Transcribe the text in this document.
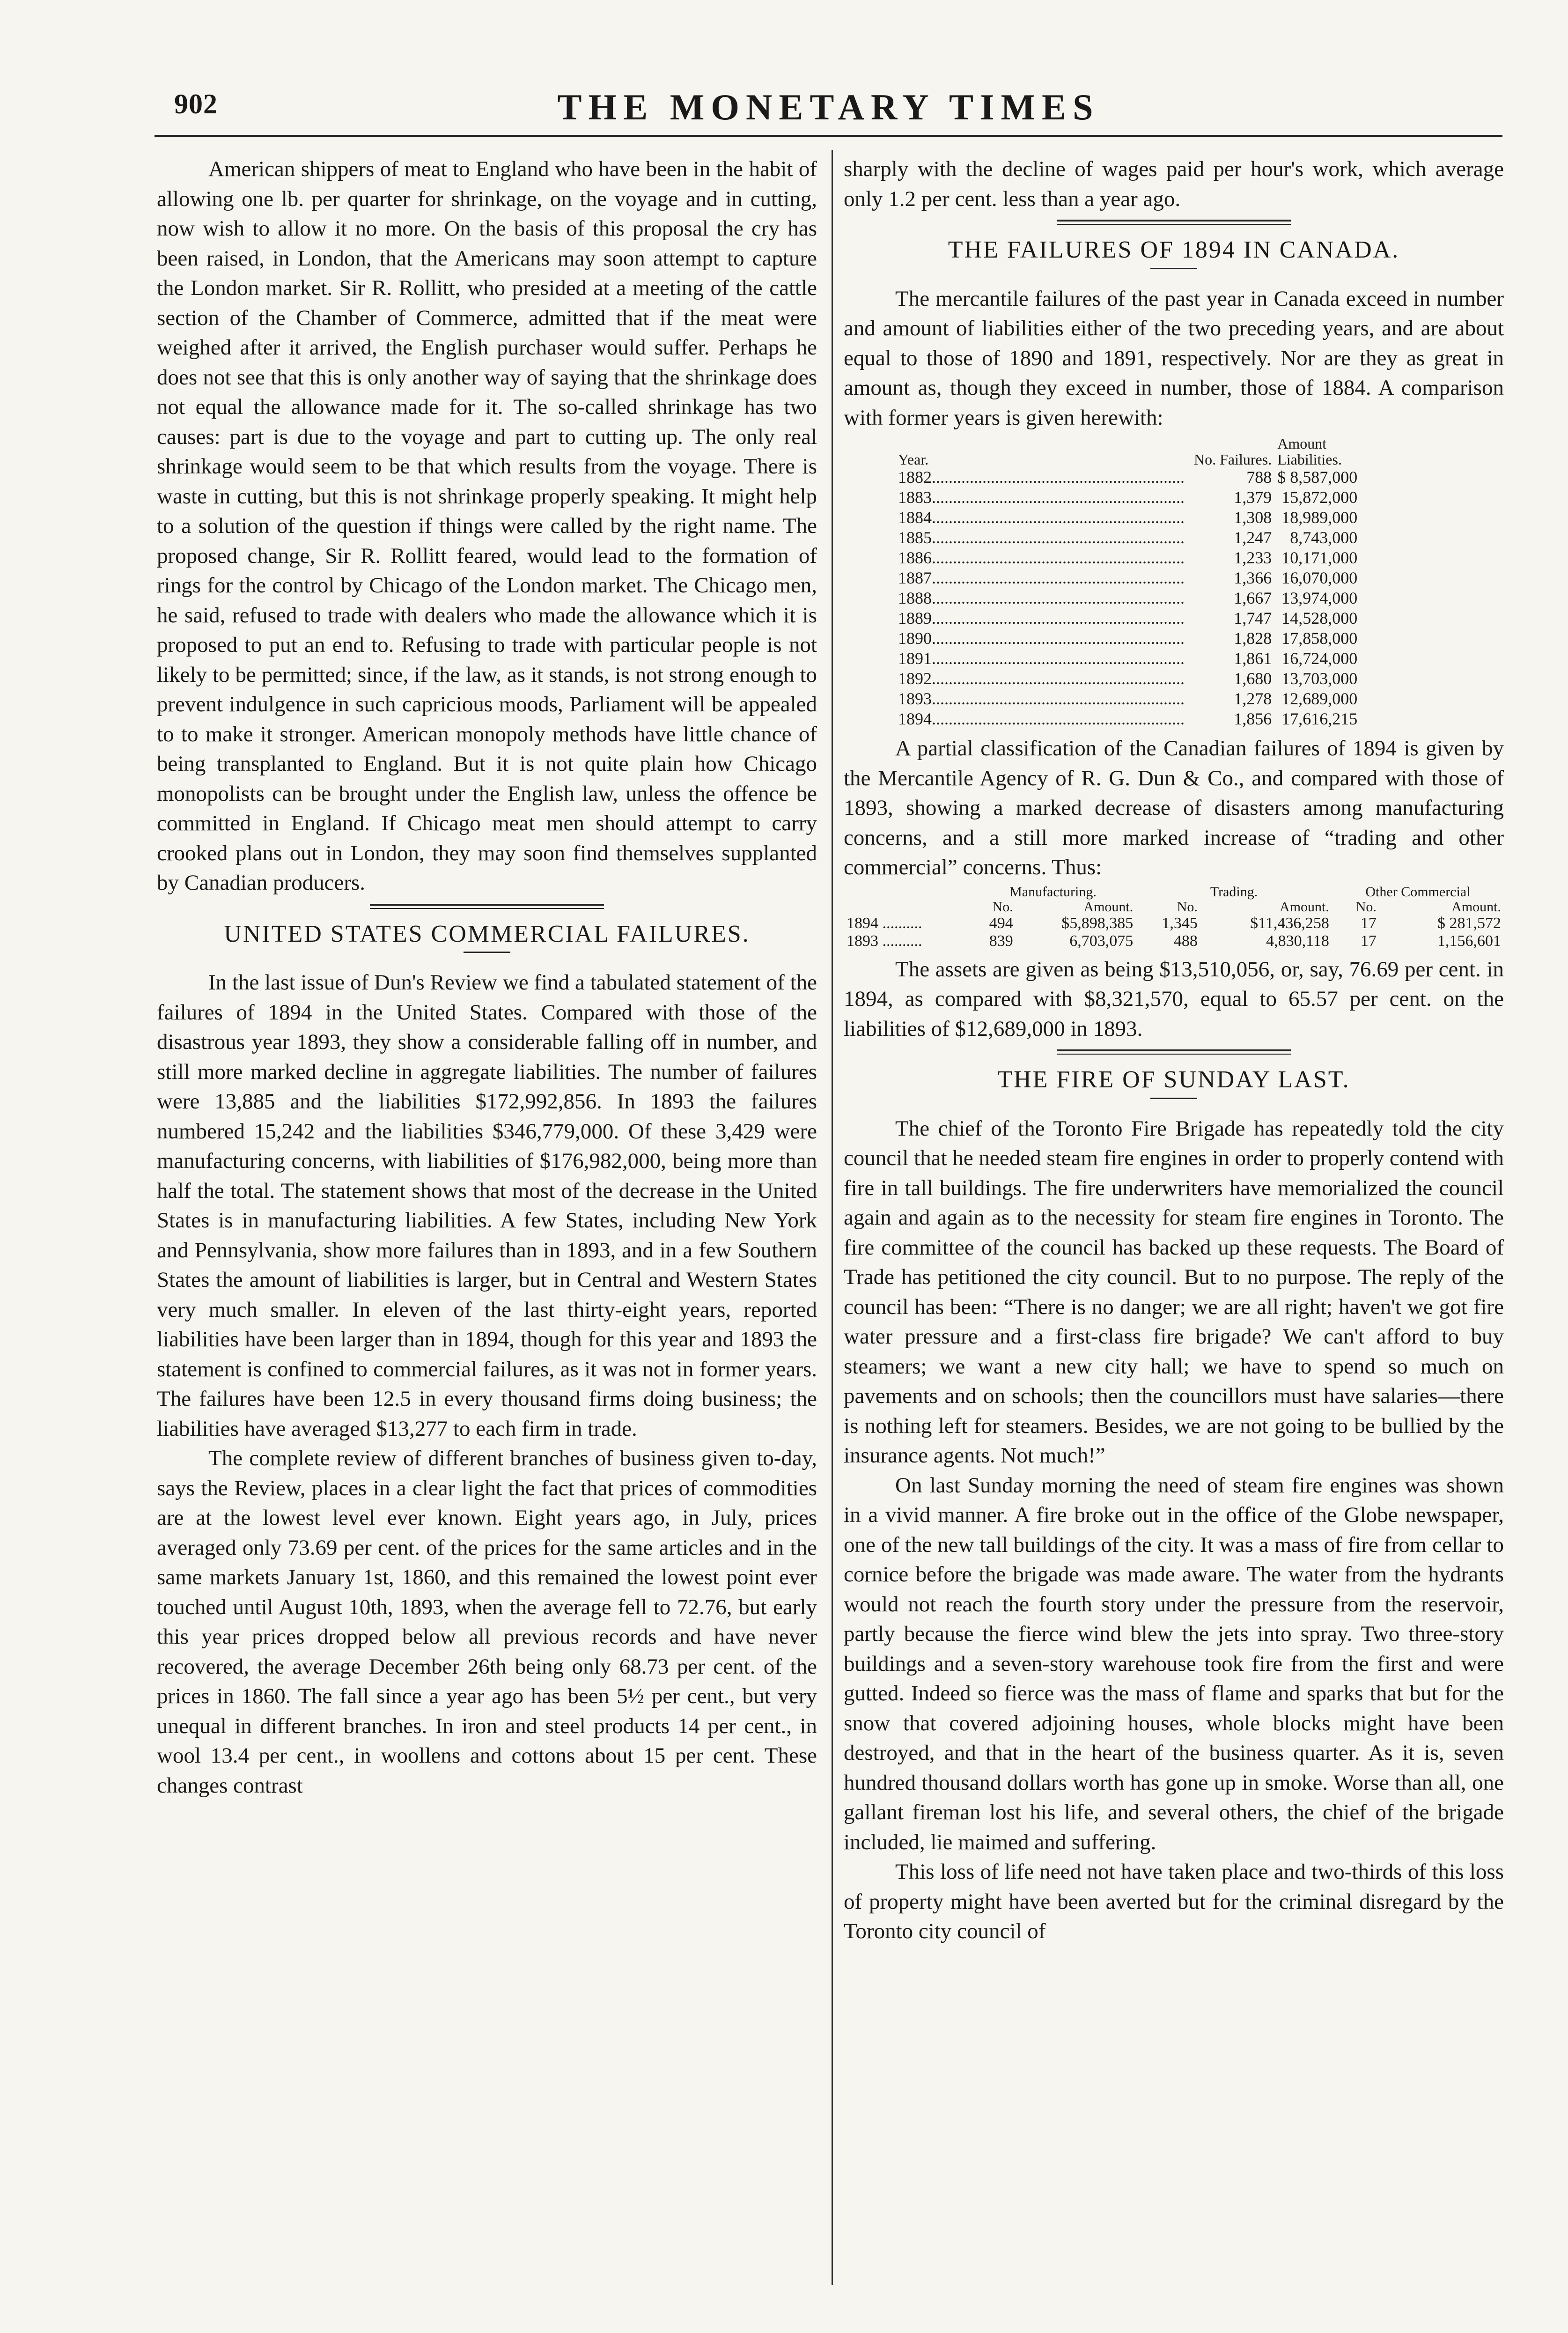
902	THE MONETARY TIMES

American shippers of meat to England who have been in the habit of allowing one lb. per quarter for shrinkage, on the voyage and in cutting, now wish to allow it no more. On the basis of this proposal the cry has been raised, in London, that the Americans may soon attempt to capture the London market. Sir R. Rollitt, who presided at a meeting of the cattle section of the Chamber of Commerce, admitted that if the meat were weighed after it arrived, the English purchaser would suffer. Perhaps he does not see that this is only another way of saying that the shrinkage does not equal the allowance made for it. The so-called shrinkage has two causes: part is due to the voyage and part to cutting up. The only real shrinkage would seem to be that which results from the voyage. There is waste in cutting, but this is not shrinkage properly speaking. It might help to a solution of the question if things were called by the right name. The proposed change, Sir R. Rollitt feared, would lead to the formation of rings for the control by Chicago of the London market. The Chicago men, he said, refused to trade with dealers who made the allowance which it is proposed to put an end to. Refusing to trade with particular people is not likely to be permitted; since, if the law, as it stands, is not strong enough to prevent indulgence in such capricious moods, Parliament will be appealed to to make it stronger. American monopoly methods have little chance of being transplanted to England. But it is not quite plain how Chicago monopolists can be brought under the English law, unless the offence be committed in England. If Chicago meat men should attempt to carry crooked plans out in London, they may soon find themselves supplanted by Canadian producers.

UNITED STATES COMMERCIAL FAILURES.

In the last issue of Dun's Review we find a tabulated statement of the failures of 1894 in the United States. Compared with those of the disastrous year 1893, they show a considerable falling off in number, and still more marked decline in aggregate liabilities. The number of failures were 13,885 and the liabilities $172,992,856. In 1893 the failures numbered 15,242 and the liabilities $346,779,000. Of these 3,429 were manufacturing concerns, with liabilities of $176,982,000, being more than half the total. The statement shows that most of the decrease in the United States is in manufacturing liabilities. A few States, including New York and Pennsylvania, show more failures than in 1893, and in a few Southern States the amount of liabilities is larger, but in Central and Western States very much smaller. In eleven of the last thirty-eight years, reported liabilities have been larger than in 1894, though for this year and 1893 the statement is confined to commercial failures, as it was not in former years. The failures have been 12.5 in every thousand firms doing business; the liabilities have averaged $13,277 to each firm in trade.

The complete review of different branches of business given to-day, says the Review, places in a clear light the fact that prices of commodities are at the lowest level ever known. Eight years ago, in July, prices averaged only 73.69 per cent. of the prices for the same articles and in the same markets January 1st, 1860, and this remained the lowest point ever touched until August 10th, 1893, when the average fell to 72.76, but early this year prices dropped below all previous records and have never recovered, the average December 26th being only 68.73 per cent. of the prices in 1860. The fall since a year ago has been 5½ per cent., but very unequal in different branches. In iron and steel products 14 per cent., in wool 13.4 per cent., in woollens and cottons about 15 per cent. These changes contrast

sharply with the decline of wages paid per hour's work, which average only 1.2 per cent. less than a year ago.

THE FAILURES OF 1894 IN CANADA.

The mercantile failures of the past year in Canada exceed in number and amount of liabilities either of the two preceding years, and are about equal to those of 1890 and 1891, respectively. Nor are they as great in amount as, though they exceed in number, those of 1884. A comparison with former years is given herewith:

Year.	No. Failures.	Amount
Liabilities.

1882............................................................	788	$ 8,587,000
1883............................................................	1,379	15,872,000
1884............................................................	1,308	18,989,000
1885............................................................	1,247	8,743,000
1886............................................................	1,233	10,171,000
1887............................................................	1,366	16,070,000
1888............................................................	1,667	13,974,000
1889............................................................	1,747	14,528,000
1890............................................................	1,828	17,858,000
1891............................................................	1,861	16,724,000
1892............................................................	1,680	13,703,000
1893............................................................	1,278	12,689,000
1894............................................................	1,856	17,616,215

A partial classification of the Canadian failures of 1894 is given by the Mercantile Agency of R. G. Dun & Co., and compared with those of 1893, showing a marked decrease of disasters among manufacturing concerns, and a still more marked increase of “trading and other commercial” concerns. Thus:

	Manufacturing.		Trading.		Other Commercial	
	No.	Amount.	No.	Amount.	No.	Amount.
1894 ..........	494	$5,898,385	1,345	$11,436,258	17	$ 281,572
1893 ..........	839	6,703,075	488	4,830,118	17	1,156,601

The assets are given as being $13,510,056, or, say, 76.69 per cent. in 1894, as compared with $8,321,570, equal to 65.57 per cent. on the liabilities of $12,689,000 in 1893.

THE FIRE OF SUNDAY LAST.

The chief of the Toronto Fire Brigade has repeatedly told the city council that he needed steam fire engines in order to properly contend with fire in tall buildings. The fire underwriters have memorialized the council again and again as to the necessity for steam fire engines in Toronto. The fire committee of the council has backed up these requests. The Board of Trade has petitioned the city council. But to no purpose. The reply of the council has been: “There is no danger; we are all right; haven't we got fire water pressure and a first-class fire brigade? We can't afford to buy steamers; we want a new city hall; we have to spend so much on pavements and on schools; then the councillors must have salaries—there is nothing left for steamers. Besides, we are not going to be bullied by the insurance agents. Not much!”

On last Sunday morning the need of steam fire engines was shown in a vivid manner. A fire broke out in the office of the Globe newspaper, one of the new tall buildings of the city. It was a mass of fire from cellar to cornice before the brigade was made aware. The water from the hydrants would not reach the fourth story under the pressure from the reservoir, partly because the fierce wind blew the jets into spray. Two three-story buildings and a seven-story warehouse took fire from the first and were gutted. Indeed so fierce was the mass of flame and sparks that but for the snow that covered adjoining houses, whole blocks might have been destroyed, and that in the heart of the business quarter. As it is, seven hundred thousand dollars worth has gone up in smoke. Worse than all, one gallant fireman lost his life, and several others, the chief of the brigade included, lie maimed and suffering.

This loss of life need not have taken place and two-thirds of this loss of property might have been averted but for the criminal disregard by the Toronto city council of
